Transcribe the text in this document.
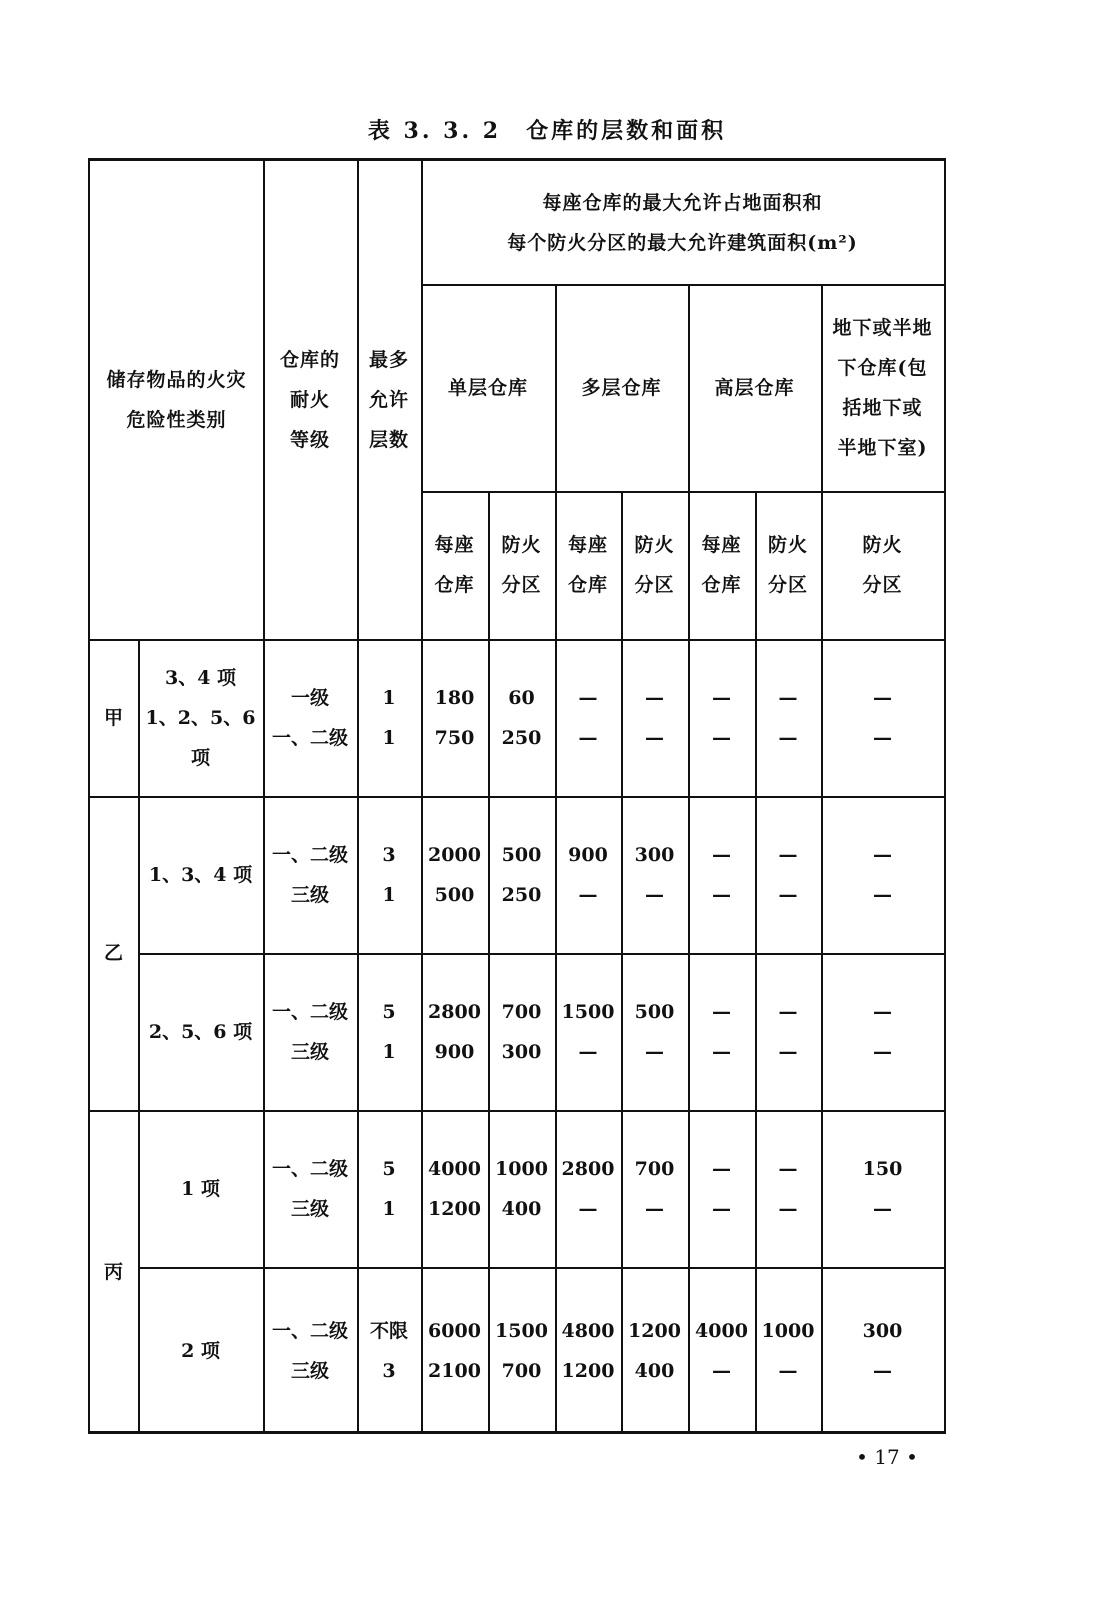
表 3. 3. 2　仓库的层数和面积
储存物品的火灾
危险性类别
仓库的
耐火
等级
最多
允许
层数
每座仓库的最大允许占地面积和
每个防火分区的最大允许建筑面积(m²)
单层仓库	多层仓库	高层仓库
地下或半地
下仓库(包
括地下或
半地下室)
每座
仓库
防火
分区
每座
仓库
防火
分区
每座
仓库
防火
分区
防火
分区
甲
乙
丙
3、4 项
1、2、5、6 项
一级
一、二级
1
1
180
750
60
250
—
—
—
—
—
—
—
—
—
—
1、3、4 项
一、二级
三级
3
1
2000
500
500
250
900
—
300
—
—
—
—
—
—
—
2、5、6 项
一、二级
三级
5
1
2800
900
700
300
1500
—
500
—
—
—
—
—
—
—
1 项
一、二级
三级
5
1
4000
1200
1000
400
2800
—
700
—
—
—
—
—
150
—
2 项
一、二级
三级
不限
3
6000
2100
1500
700
4800
1200
1200
400
4000
—
1000
—
300
—
• 17 •
